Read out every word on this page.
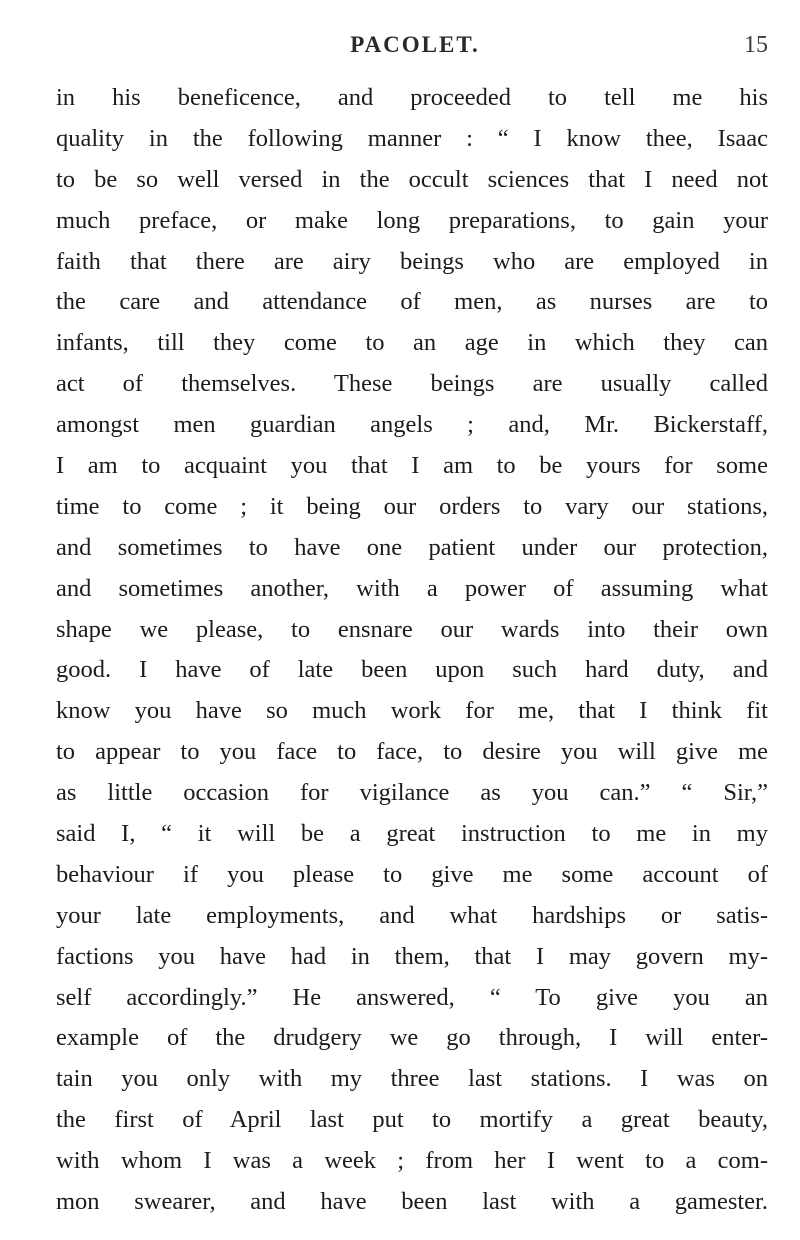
PACOLET.	15
in his beneficence, and proceeded to tell me his
quality in the following manner : “ I know thee, Isaac
to be so well versed in the occult sciences that I need not
much preface, or make long preparations, to gain your
faith that there are airy beings who are employed in
the care and attendance of men, as nurses are to
infants, till they come to an age in which they can
act of themselves. These beings are usually called
amongst men guardian angels ; and, Mr. Bickerstaff,
I am to acquaint you that I am to be yours for some
time to come ; it being our orders to vary our stations,
and sometimes to have one patient under our protection,
and sometimes another, with a power of assuming what
shape we please, to ensnare our wards into their own
good. I have of late been upon such hard duty, and
know you have so much work for me, that I think fit
to appear to you face to face, to desire you will give me
as little occasion for vigilance as you can.” “ Sir,”
said I, “ it will be a great instruction to me in my
behaviour if you please to give me some account of
your late employments, and what hardships or satis-
factions you have had in them, that I may govern my-
self accordingly.” He answered, “ To give you an
example of the drudgery we go through, I will enter-
tain you only with my three last stations. I was on
the first of April last put to mortify a great beauty,
with whom I was a week ; from her I went to a com-
mon swearer, and have been last with a gamester.
